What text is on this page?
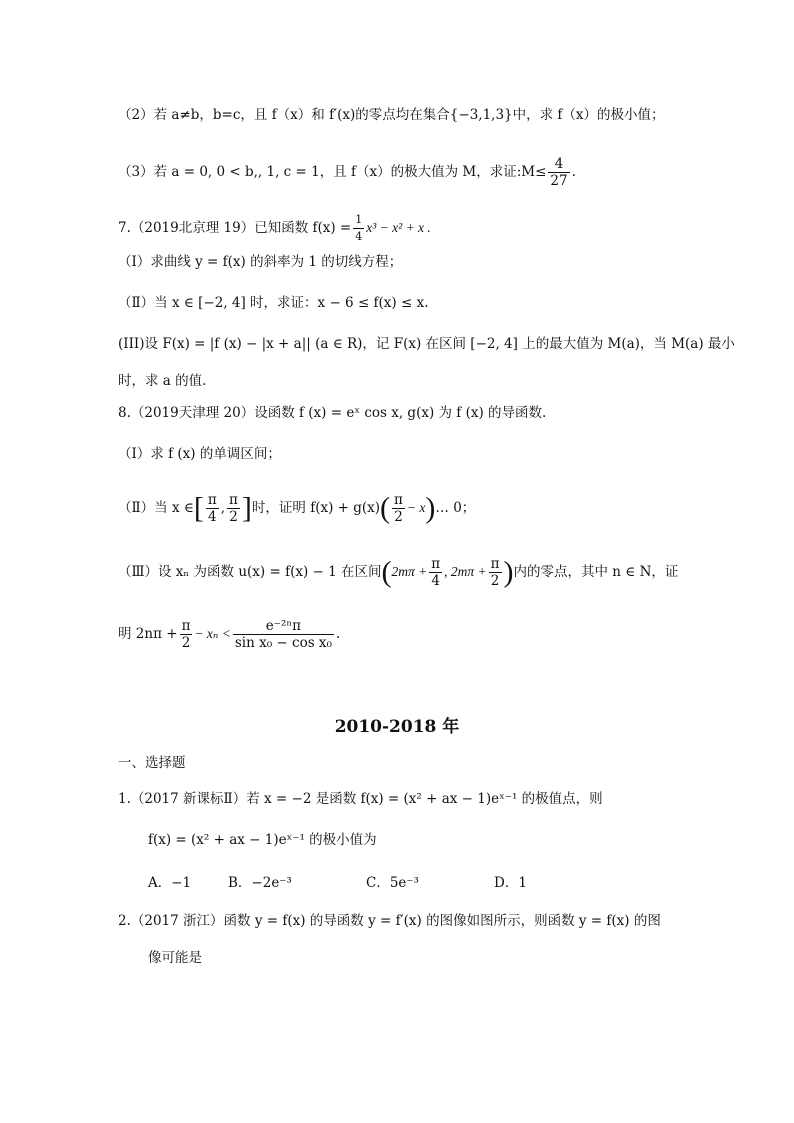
（2）若 a≠b，b=c，且 f（x）和 f′(x)的零点均在集合{−3,1,3}中，求 f（x）的极小值；
（3）若 a = 0, 0 < b,, 1, c = 1，且 f（x）的极大值为 M，求证:M≤ $\frac{4}{27}$ .
7.（2019北京理 19）已知函数 $f(x) = \frac{1}{4} x^3 - x^2 + x$ .
（Ⅰ）求曲线 y = f(x) 的斜率为 1 的切线方程；
（Ⅱ）当 x ∈ [−2, 4] 时，求证：x − 6 ≤ f(x) ≤ x.
(III)设 F(x) = |f (x) − |x + a|| (a ∈ R)，记 F(x) 在区间 [−2, 4] 上的最大值为 M(a)，当 M(a) 最小
时，求 a 的值.
8.（2019天津理 20）设函数 f (x) = eˣ cos x, g(x) 为 f (x) 的导函数.
（Ⅰ）求 f (x) 的单调区间；
（Ⅱ）当 x ∈[ $\frac{\pi}{4}$ , $\frac{\pi}{2}$ ]时，证明 $f(x) + g(x)( \frac{\pi}{2}$ − x)… 0；
（Ⅲ）设 xₙ 为函数 u(x) = f(x) − 1 在区间($2m\pi + \frac{\pi}{4}$ , $2m\pi + \frac{\pi}{2}$ )内的零点，其中 n ∈ N，证
明 $2n\pi + \frac{\pi}{2} - x_n < \frac{\text{e⁻²ⁿπ}}{\text{sin x₀ − cos x₀}}$ .
2010-2018 年
一、选择题
1.（2017 新课标Ⅱ）若 x = −2 是函数 f(x) = (x² + ax − 1)eˣ⁻¹ 的极值点，则
f(x) = (x² + ax − 1)eˣ⁻¹ 的极小值为
A．−1	B．−2e⁻³	C．5e⁻³	D．1
2.（2017 浙江）函数 y = f(x) 的导函数 y = f′(x) 的图像如图所示，则函数 y = f(x) 的图
像可能是
